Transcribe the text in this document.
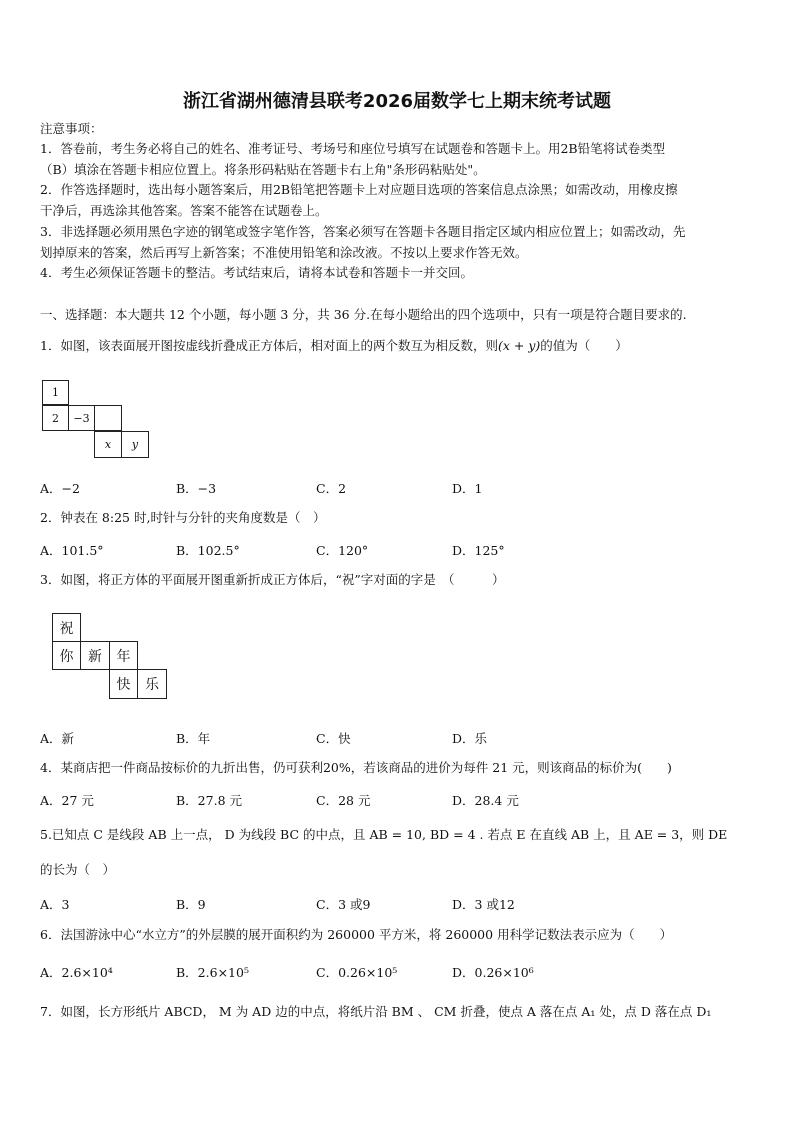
浙江省湖州德清县联考2026届数学七上期末统考试题
注意事项：
1．答卷前，考生务必将自己的姓名、准考证号、考场号和座位号填写在试题卷和答题卡上。用2B铅笔将试卷类型
（B）填涂在答题卡相应位置上。将条形码粘贴在答题卡右上角"条形码粘贴处"。
2．作答选择题时，选出每小题答案后，用2B铅笔把答题卡上对应题目选项的答案信息点涂黑；如需改动，用橡皮擦
干净后，再选涂其他答案。答案不能答在试题卷上。
3．非选择题必须用黑色字迹的钢笔或签字笔作答，答案必须写在答题卡各题目指定区域内相应位置上；如需改动，先
划掉原来的答案，然后再写上新答案；不准使用铅笔和涂改液。不按以上要求作答无效。
4．考生必须保证答题卡的整洁。考试结束后，请将本试卷和答题卡一并交回。
一、选择题：本大题共 12 个小题，每小题 3 分，共 36 分.在每小题给出的四个选项中，只有一项是符合题目要求的.
1．如图，该表面展开图按虚线折叠成正方体后，相对面上的两个数互为相反数，则(x + y)的值为（　　）
1
2	−3
x	y
A．−2	B．−3	C．2	D．1
2．钟表在 8:25 时,时针与分针的夹角度数是（　）
A．101.5°	B．102.5°	C．120°	D．125°
3．如图，将正方体的平面展开图重新折成正方体后，“祝”字对面的字是　（　　　）
祝
你	新	年
快	乐
A．新	B．年	C．快	D．乐
4．某商店把一件商品按标价的九折出售，仍可获利20%，若该商品的进价为每件 21 元，则该商品的标价为(　　)
A．27 元	B．27.8 元	C．28 元	D．28.4 元
5.已知点 C 是线段 AB 上一点， D 为线段 BC 的中点，且 AB = 10, BD = 4 . 若点 E 在直线 AB 上，且 AE = 3，则 DE
的长为（　）
A．3	B．9	C．3 或9	D．3 或12
6．法国游泳中心“水立方”的外层膜的展开面积约为 260000 平方米，将 260000 用科学记数法表示应为（　　）
A．2.6×10⁴	B．2.6×10⁵	C．0.26×10⁵	D．0.26×10⁶
7．如图，长方形纸片 ABCD， M 为 AD 边的中点，将纸片沿 BM 、 CM 折叠，使点 A 落在点 A₁ 处，点 D 落在点 D₁
